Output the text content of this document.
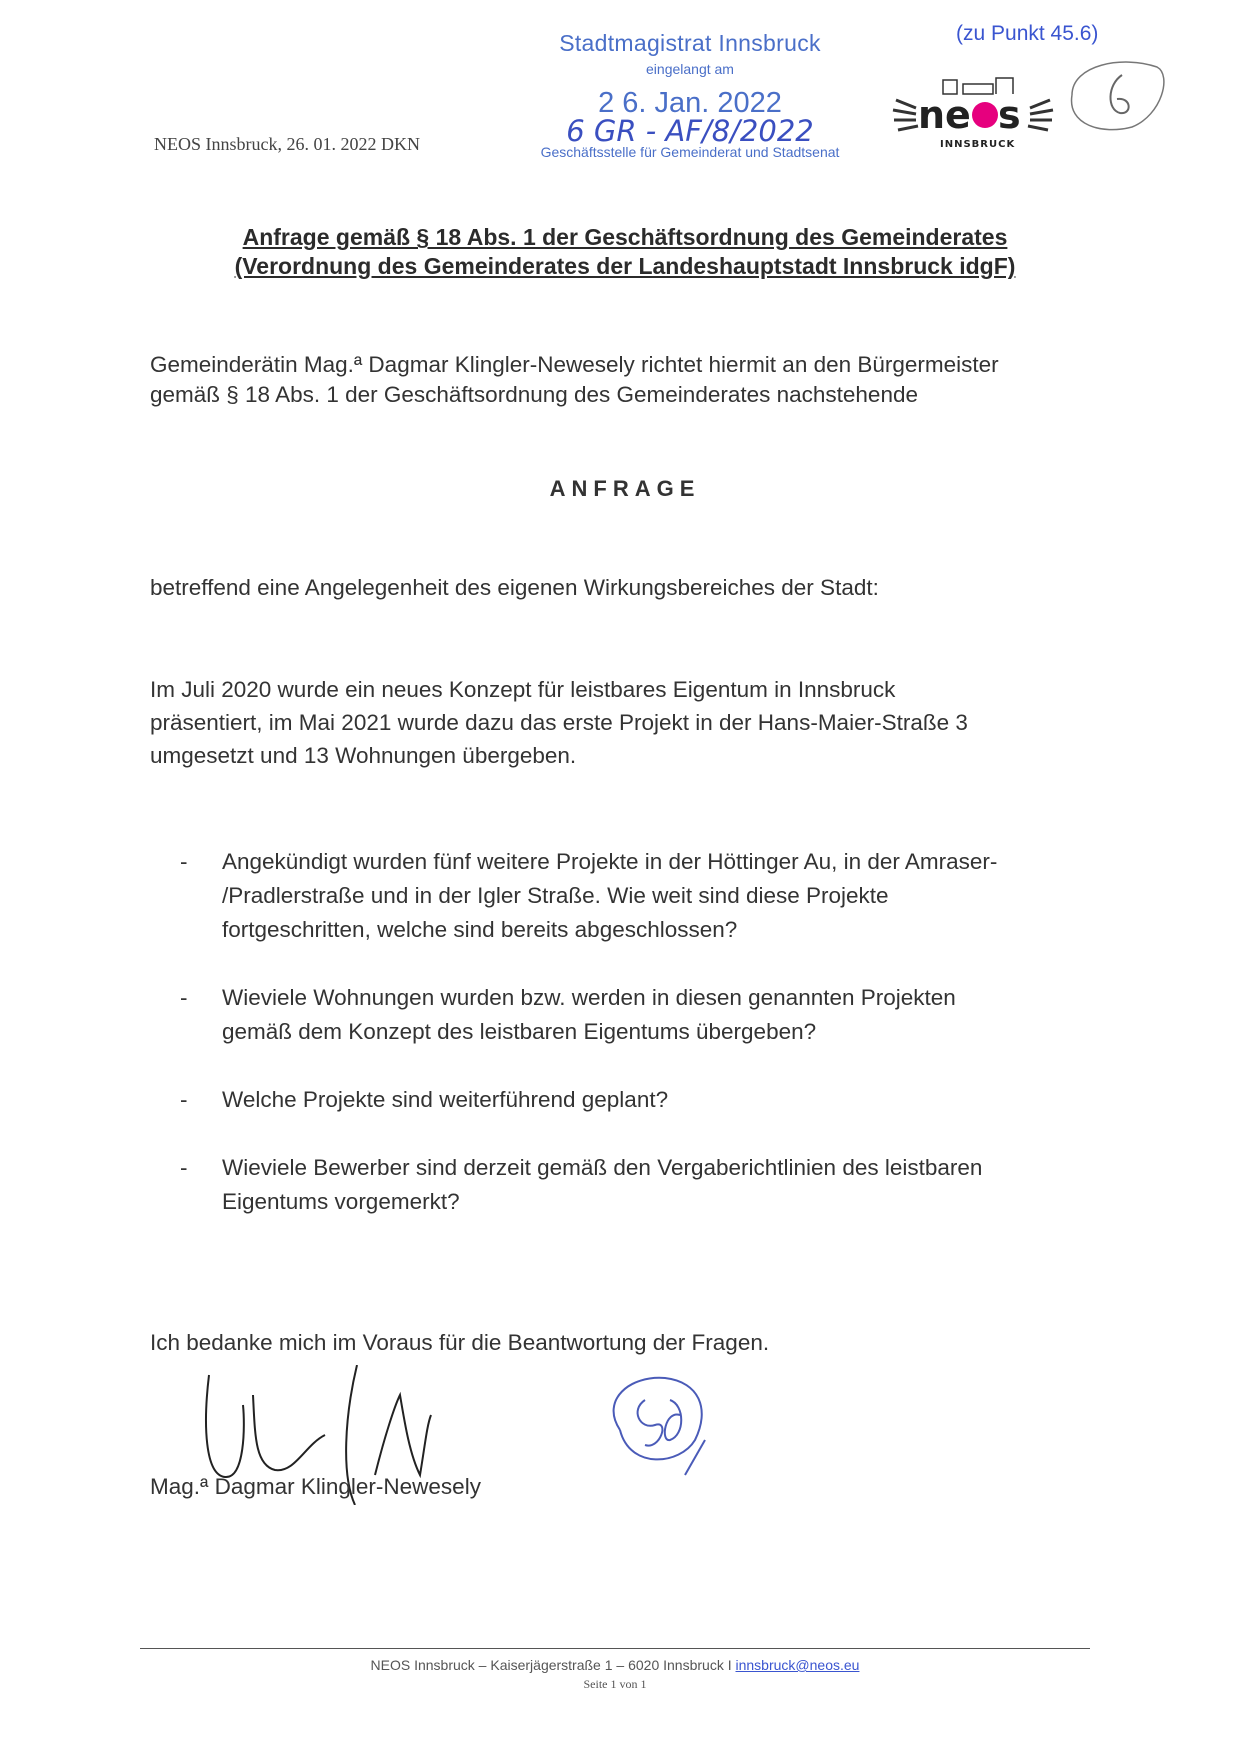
(zu Punkt 45.6)
NEOS Innsbruck, 26. 01. 2022 DKN
Stadtmagistrat Innsbruck
eingelangt am
2 6. Jan. 2022
6 GR - AF/8/2022
Geschäftsstelle für Gemeinderat und Stadtsenat
ne s
INNSBRUCK
Anfrage gemäß § 18 Abs. 1 der Geschäftsordnung des Gemeinderates
(Verordnung des Gemeinderates der Landeshauptstadt Innsbruck idgF)
Gemeinderätin Mag.ª Dagmar Klingler-Newesely richtet hiermit an den Bürgermeister
gemäß § 18 Abs. 1 der Geschäftsordnung des Gemeinderates nachstehende
ANFRAGE
betreffend eine Angelegenheit des eigenen Wirkungsbereiches der Stadt:
Im Juli 2020 wurde ein neues Konzept für leistbares Eigentum in Innsbruck
präsentiert, im Mai 2021 wurde dazu das erste Projekt in der Hans-Maier-Straße 3
umgesetzt und 13 Wohnungen übergeben.
-	Angekündigt wurden fünf weitere Projekte in der Höttinger Au, in der Amraser-
/Pradlerstraße und in der Igler Straße. Wie weit sind diese Projekte
fortgeschritten, welche sind bereits abgeschlossen?
-	Wieviele Wohnungen wurden bzw. werden in diesen genannten Projekten
gemäß dem Konzept des leistbaren Eigentums übergeben?
-	Welche Projekte sind weiterführend geplant?
-	Wieviele Bewerber sind derzeit gemäß den Vergaberichtlinien des leistbaren
Eigentums vorgemerkt?
Ich bedanke mich im Voraus für die Beantwortung der Fragen.
Mag.ª Dagmar Klingler-Newesely
NEOS Innsbruck – Kaiserjägerstraße 1 – 6020 Innsbruck I innsbruck@neos.eu
Seite 1 von 1
